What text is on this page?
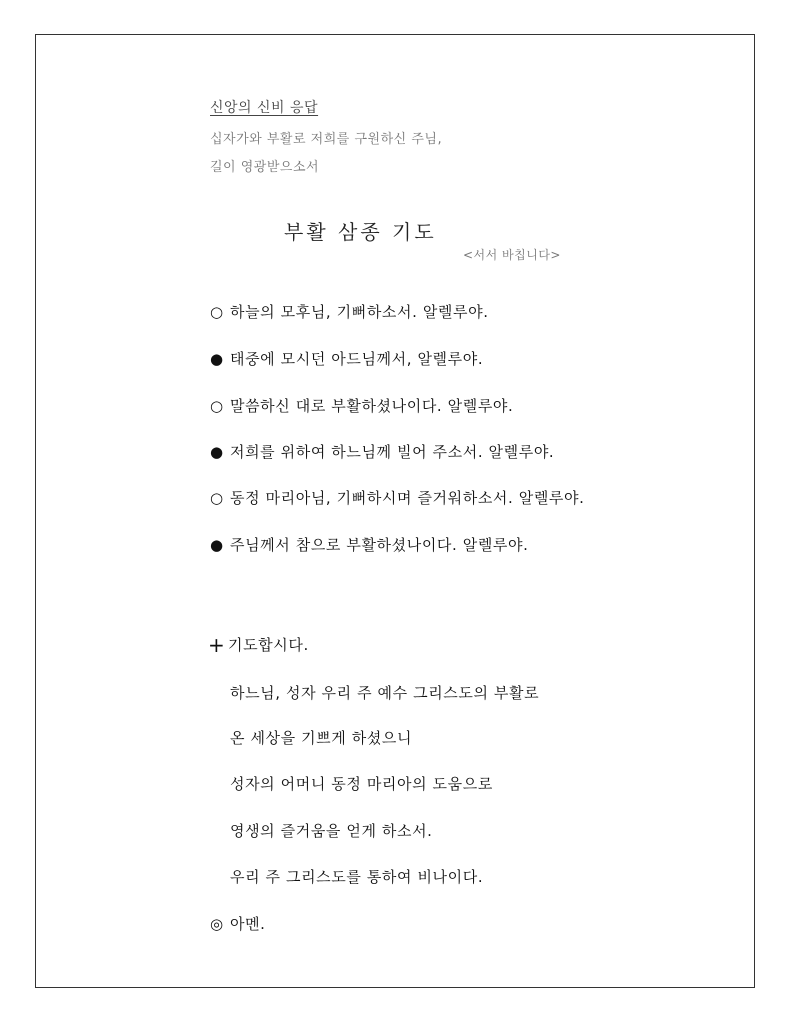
신앙의 신비 응답
십자가와 부활로 저희를 구원하신 주님,
길이 영광받으소서
부활 삼종 기도
<서서 바칩니다>
○ 하늘의 모후님, 기뻐하소서. 알렐루야.
● 태중에 모시던 아드님께서, 알렐루야.
○ 말씀하신 대로 부활하셨나이다. 알렐루야.
● 저희를 위하여 하느님께 빌어 주소서. 알렐루야.
○ 동정 마리아님, 기뻐하시며 즐거워하소서. 알렐루야.
● 주님께서 참으로 부활하셨나이다. 알렐루야.
+ 기도합시다.
하느님, 성자 우리 주 예수 그리스도의 부활로
온 세상을 기쁘게 하셨으니
성자의 어머니 동정 마리아의 도움으로
영생의 즐거움을 얻게 하소서.
우리 주 그리스도를 통하여 비나이다.
◎ 아멘.
